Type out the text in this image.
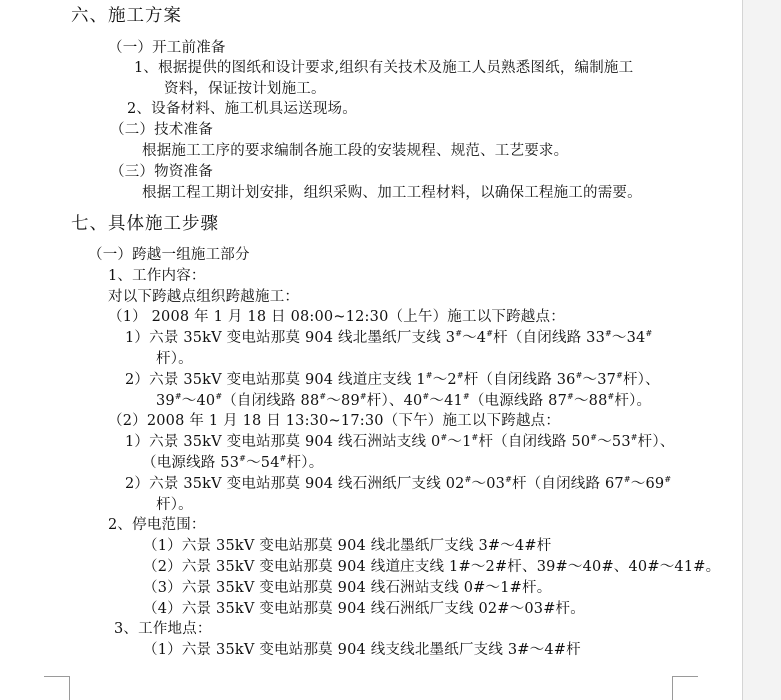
六、施工方案
（一）开工前准备
1、根据提供的图纸和设计要求,组织有关技术及施工人员熟悉图纸，编制施工
资料，保证按计划施工。
2、设备材料、施工机具运送现场。
（二）技术准备
根据施工工序的要求编制各施工段的安装规程、规范、工艺要求。
（三）物资准备
根据工程工期计划安排，组织采购、加工工程材料，以确保工程施工的需要。
七、具体施工步骤
（一）跨越一组施工部分
1、工作内容：
对以下跨越点组织跨越施工：
（1） 2008 年 1 月 18 日 08:00~12:30（上午）施工以下跨越点：
1）六景 35kV 变电站那莫 904 线北墨纸厂支线 3#～4#杆（自闭线路 33#～34#
杆）。
2）六景 35kV 变电站那莫 904 线道庄支线 1#～2#杆（自闭线路 36#～37#杆）、
39#～40#（自闭线路 88#～89#杆）、40#～41#（电源线路 87#～88#杆）。
（2）2008 年 1 月 18 日 13:30~17:30（下午）施工以下跨越点：
1）六景 35kV 变电站那莫 904 线石洲站支线 0#～1#杆（自闭线路 50#～53#杆）、
（电源线路 53#～54#杆）。
2）六景 35kV 变电站那莫 904 线石洲纸厂支线 02#～03#杆（自闭线路 67#～69#
杆）。
2、停电范围：
（1）六景 35kV 变电站那莫 904 线北墨纸厂支线 3#～4#杆
（2）六景 35kV 变电站那莫 904 线道庄支线 1#～2#杆、39#～40#、40#～41#。
（3）六景 35kV 变电站那莫 904 线石洲站支线 0#～1#杆。
（4）六景 35kV 变电站那莫 904 线石洲纸厂支线 02#～03#杆。
3、工作地点：
（1）六景 35kV 变电站那莫 904 线支线北墨纸厂支线 3#～4#杆
